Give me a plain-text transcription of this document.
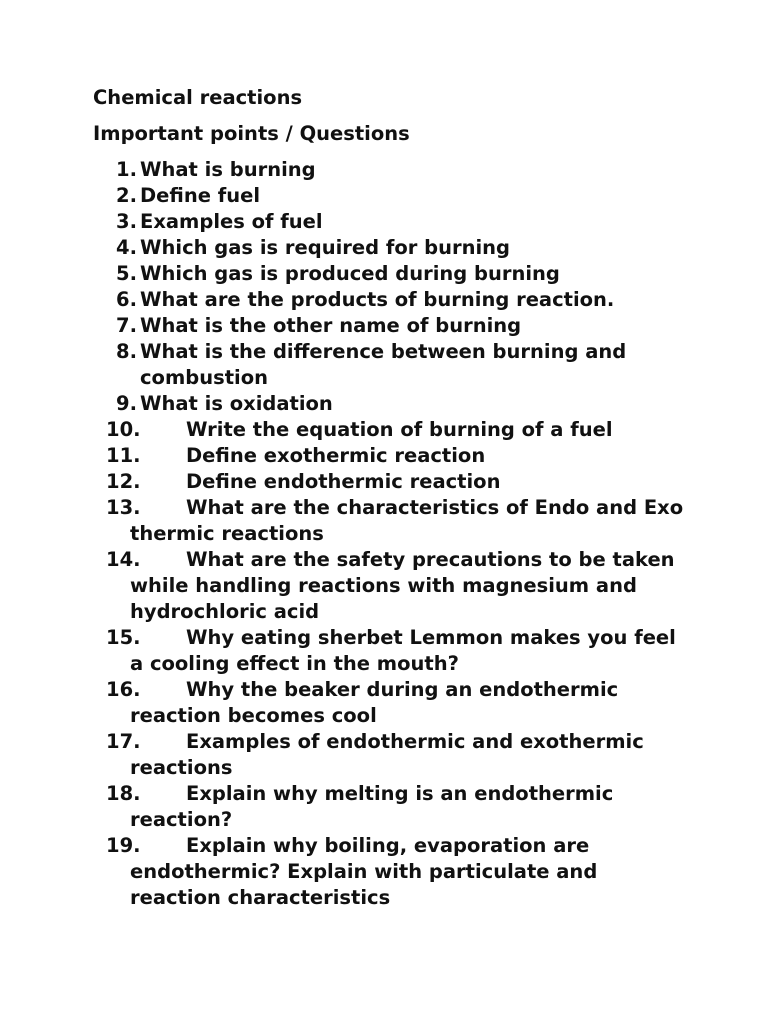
Chemical reactions
Important points / Questions
1. What is burning
2. Define fuel
3. Examples of fuel
4. Which gas is required for burning
5. Which gas is produced during burning
6. What are the products of burning reaction.
7. What is the other name of burning
8. What is the difference between burning and combustion
9. What is oxidation
10.	Write the equation of burning of a fuel
11.	Define exothermic reaction
12.	Define endothermic reaction
13.	What are the characteristics of Endo and Exo thermic reactions
14.	What are the safety precautions to be taken while handling reactions with magnesium and hydrochloric acid
15.	Why eating sherbet Lemmon makes you feel a cooling effect in the mouth?
16.	Why the beaker during an endothermic reaction becomes cool
17.	Examples of endothermic and exothermic reactions
18.	Explain why melting is an endothermic reaction?
19.	Explain why boiling, evaporation are endothermic? Explain with particulate and reaction characteristics
